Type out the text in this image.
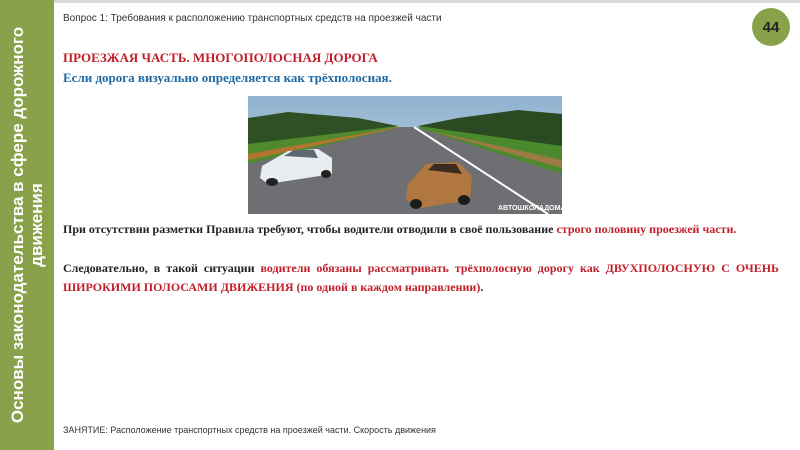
Основы законодательства в сфере дорожного движения
Вопрос 1: Требования к расположению транспортных средств на проезжей части	44
ПРОЕЗЖАЯ ЧАСТЬ. МНОГОПОЛОСНАЯ ДОРОГА
Если дорога визуально определяется как трёхполосная.
АВТОШКОЛАДОМА.РФ
При отсутствии разметки Правила требуют, чтобы водители отводили в своё пользование строго половину проезжей части.
Следовательно, в такой ситуации водители обязаны рассматривать трёхполосную дорогу как ДВУХПОЛОСНУЮ С ОЧЕНЬ ШИРОКИМИ ПОЛОСАМИ ДВИЖЕНИЯ (по одной в каждом направлении).
ЗАНЯТИЕ: Расположение транспортных средств на проезжей части. Скорость движения
